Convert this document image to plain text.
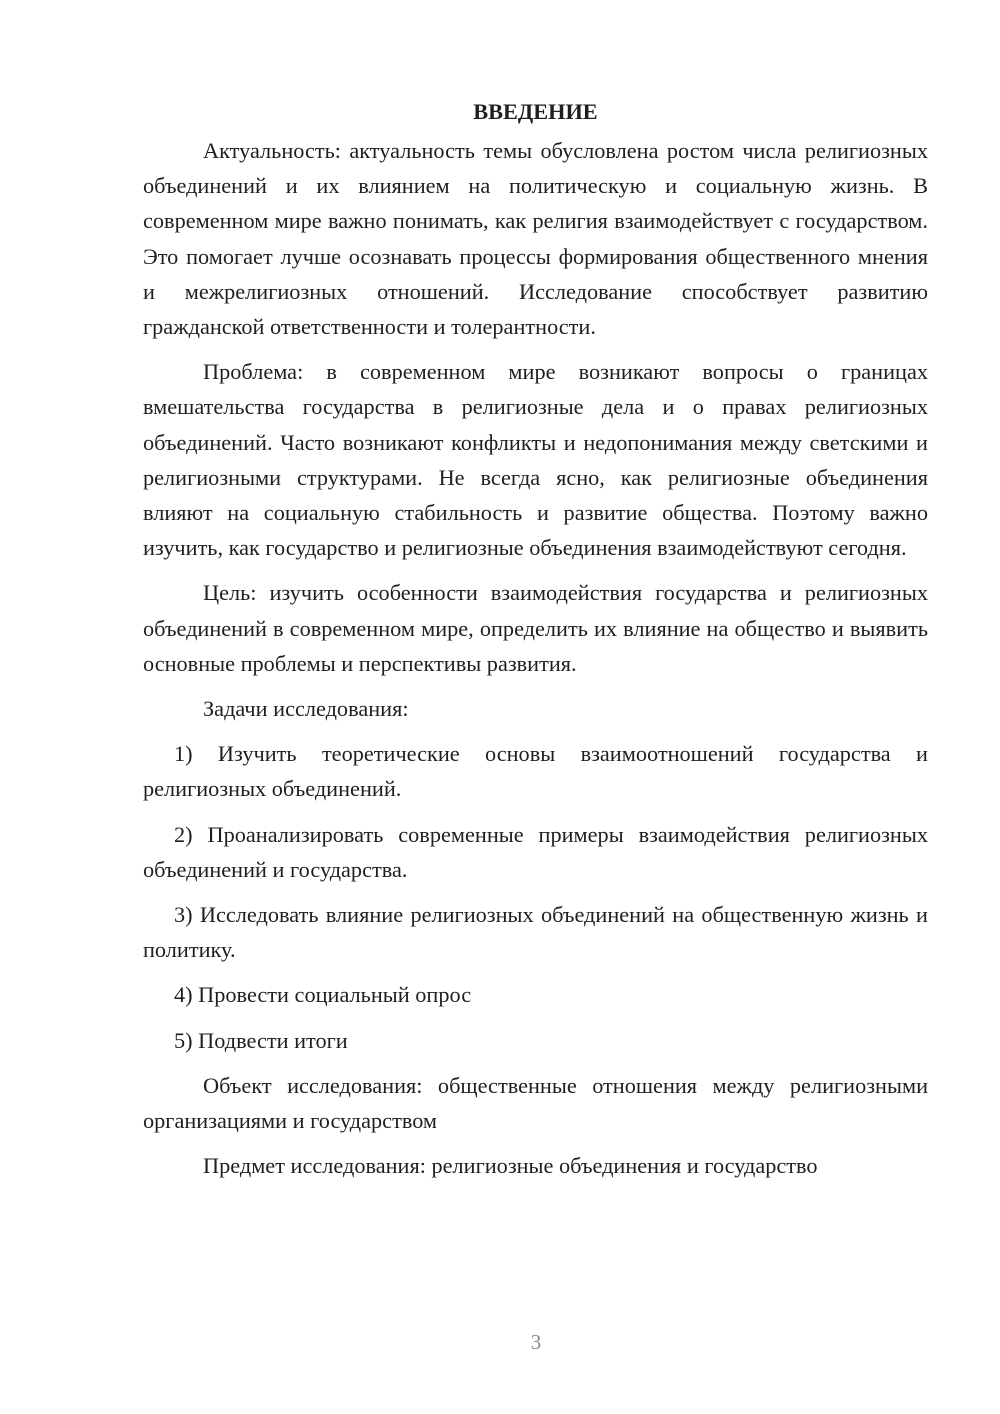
ВВЕДЕНИЕ

Актуальность: актуальность темы обусловлена ростом числа религиозных объединений и их влиянием на политическую и социальную жизнь. В современном мире важно понимать, как религия взаимодействует с государством. Это помогает лучше осознавать процессы формирования общественного мнения и межрелигиозных отношений. Исследование способствует развитию гражданской ответственности и толерантности.

Проблема: в современном мире возникают вопросы о границах вмешательства государства в религиозные дела и о правах религиозных объединений. Часто возникают конфликты и недопонимания между светскими и религиозными структурами. Не всегда ясно, как религиозные объединения влияют на социальную стабильность и развитие общества. Поэтому важно изучить, как государство и религиозные объединения взаимодействуют сегодня.

Цель: изучить особенности взаимодействия государства и религиозных объединений в современном мире, определить их влияние на общество и выявить основные проблемы и перспективы развития.

Задачи исследования:

1) Изучить теоретические основы взаимоотношений государства и религиозных объединений.

2) Проанализировать современные примеры взаимодействия религиозных объединений и государства.

3) Исследовать влияние религиозных объединений на общественную жизнь и политику.

4) Провести социальный опрос

5) Подвести итоги

Объект исследования: общественные отношения между религиозными организациями и государством

Предмет исследования: религиозные объединения и государство

3
